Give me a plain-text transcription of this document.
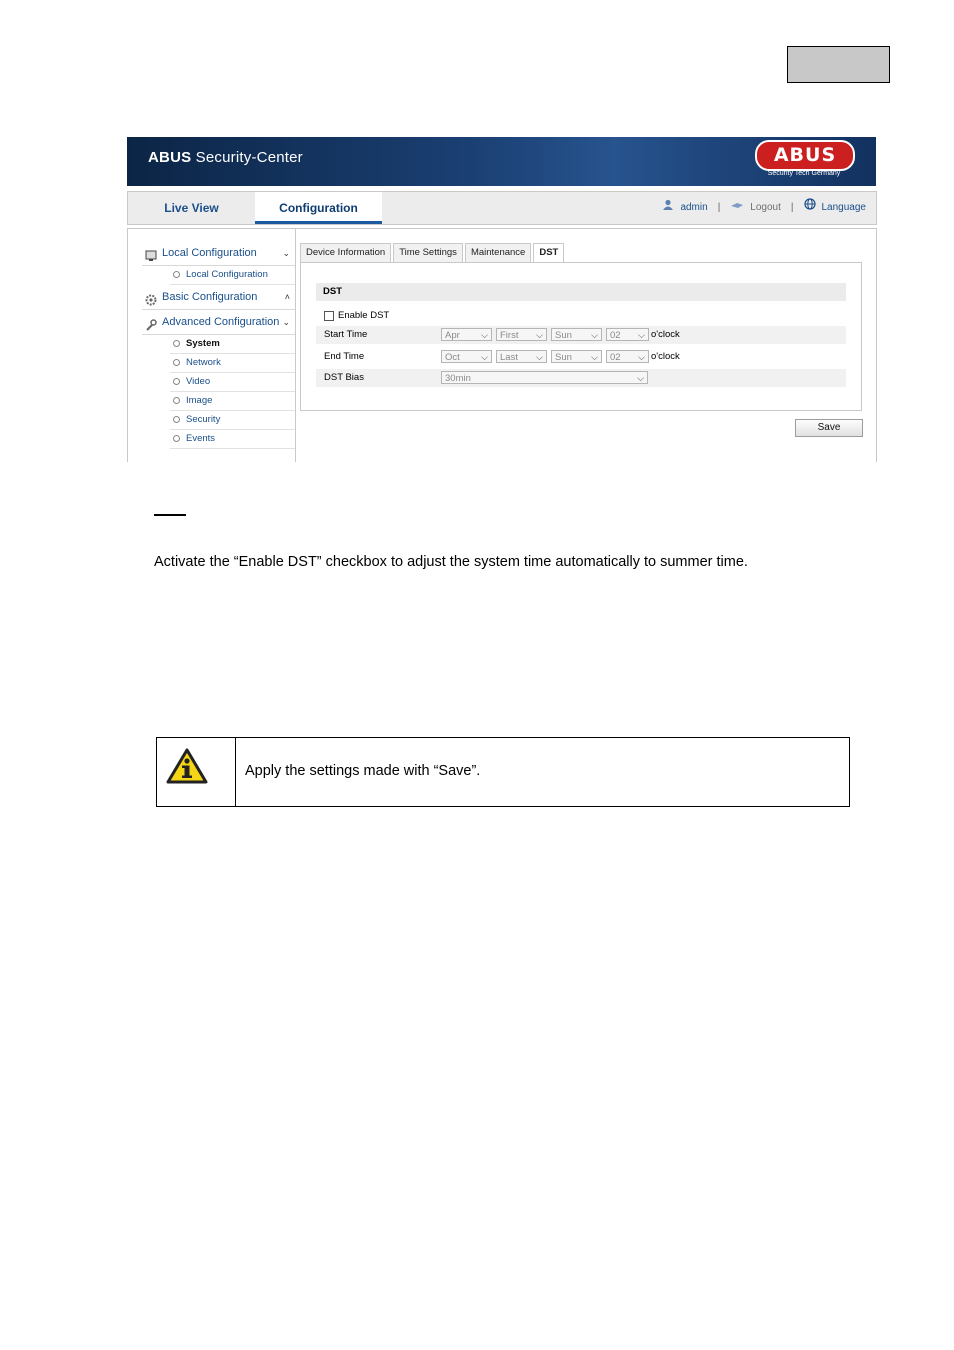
ABUS Security-Center	ABUS
Security Tech Germany
Live View	Configuration	admin |	Logout |	Language
Local Configuration	⌄
Local Configuration
Basic Configuration	˄
Advanced Configuration ⌄
System
Network
Video
Image
Security
Events
Device Information	Time Settings	Maintenance	DST
DST
Enable DST
Start Time	Apr ⌵	First ⌵	Sun ⌵	02 ⌵ o'clock
End Time	Oct ⌵	Last ⌵	Sun ⌵	02 ⌵ o'clock
DST Bias	30min	⌵
Save
Activate the “Enable DST” checkbox to adjust the system time automatically to summer time.
Apply the settings made with “Save”.
